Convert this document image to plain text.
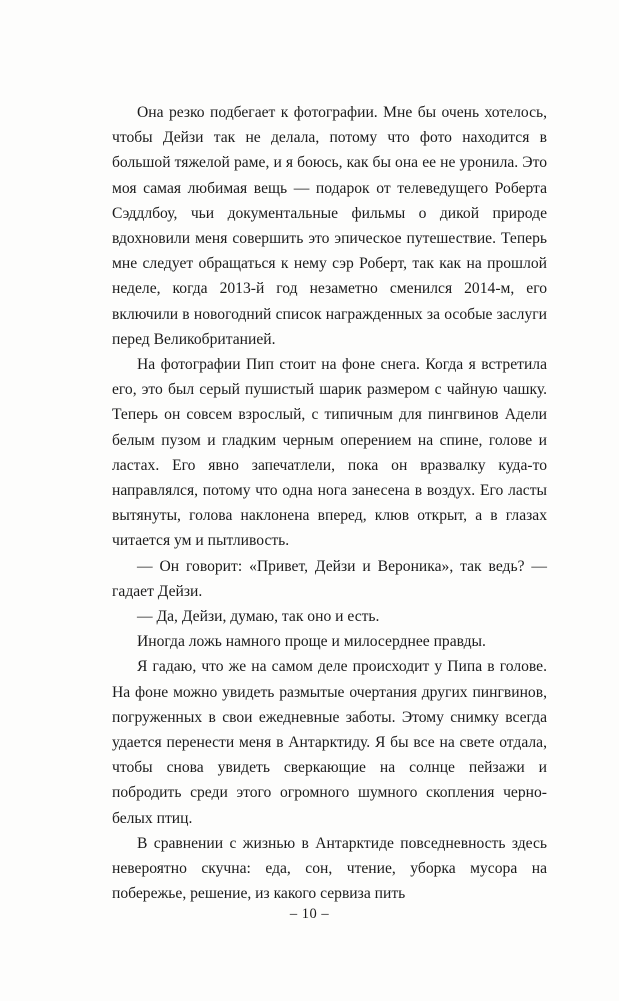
Она резко подбегает к фотографии. Мне бы очень хотелось, чтобы Дейзи так не делала, потому что фото находится в большой тяжелой раме, и я боюсь, как бы она ее не уронила. Это моя самая любимая вещь — подарок от телеведущего Роберта Сэддлбоу, чьи документальные фильмы о дикой природе вдохновили меня совершить это эпическое путешествие. Теперь мне следует обращаться к нему сэр Роберт, так как на прошлой неделе, когда 2013-й год незаметно сменился 2014-м, его включили в новогодний список награжденных за особые заслуги перед Великобританией.

На фотографии Пип стоит на фоне снега. Когда я встретила его, это был серый пушистый шарик размером с чайную чашку. Теперь он совсем взрослый, с типичным для пингвинов Адели белым пузом и гладким черным оперением на спине, голове и ластах. Его явно запечатлели, пока он вразвалку куда-то направлялся, потому что одна нога занесена в воздух. Его ласты вытянуты, голова наклонена вперед, клюв открыт, а в глазах читается ум и пытливость.

— Он говорит: «Привет, Дейзи и Вероника», так ведь? — гадает Дейзи.

— Да, Дейзи, думаю, так оно и есть.

Иногда ложь намного проще и милосерднее правды.

Я гадаю, что же на самом деле происходит у Пипа в голове. На фоне можно увидеть размытые очертания других пингвинов, погруженных в свои ежедневные заботы. Этому снимку всегда удается перенести меня в Антарктиду. Я бы все на свете отдала, чтобы снова увидеть сверкающие на солнце пейзажи и побродить среди этого огромного шумного скопления черно-белых птиц.

В сравнении с жизнью в Антарктиде повседневность здесь невероятно скучна: еда, сон, чтение, уборка мусора на побережье, решение, из какого сервиза пить

– 10 –
